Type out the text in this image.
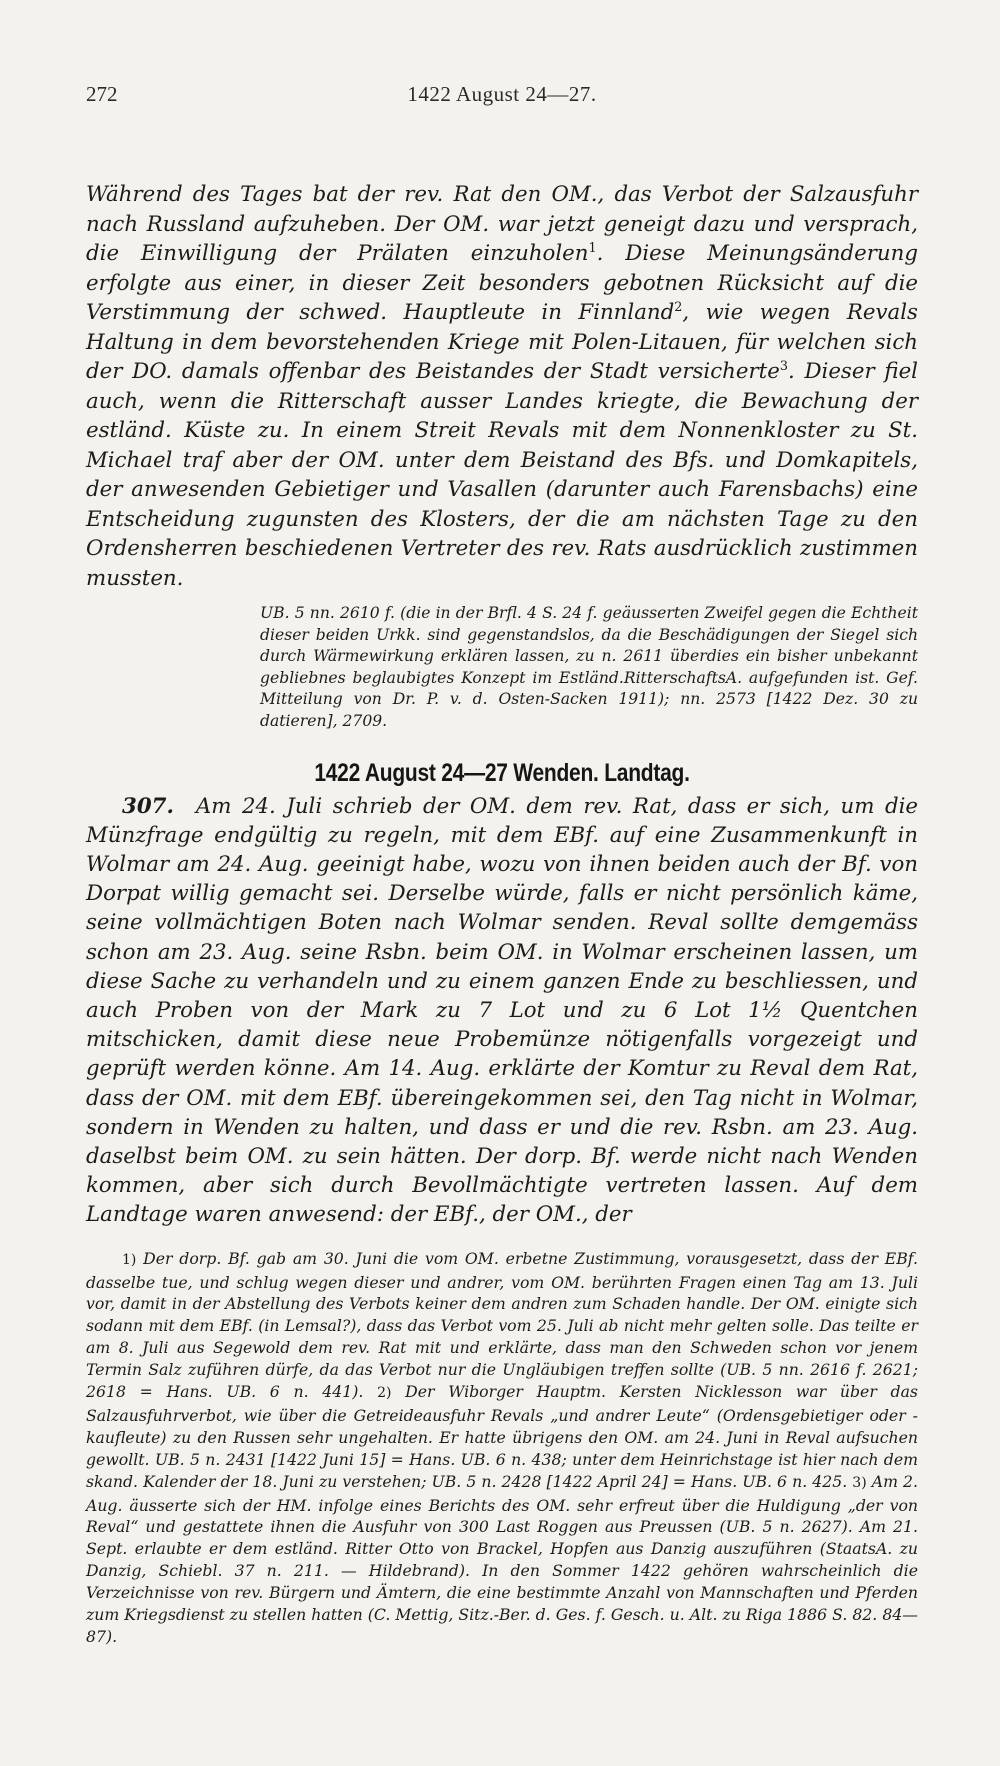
272	1422 August 24—27.

Während des Tages bat der rev. Rat den OM., das Verbot der Salzausfuhr nach Russland aufzuheben. Der OM. war jetzt geneigt dazu und versprach, die Einwilligung der Prälaten einzuholen$^1$. Diese Meinungsänderung erfolgte aus einer, in dieser Zeit besonders gebotnen Rücksicht auf die Verstimmung der schwed. Hauptleute in Finnland$^2$, wie wegen Revals Haltung in dem bevorstehenden Kriege mit Polen-Litauen, für welchen sich der DO. damals offenbar des Beistandes der Stadt versicherte$^3$. Dieser fiel auch, wenn die Ritterschaft ausser Landes kriegte, die Bewachung der estländ. Küste zu. In einem Streit Revals mit dem Nonnenkloster zu St. Michael traf aber der OM. unter dem Beistand des Bfs. und Domkapitels, der anwesenden Gebietiger und Vasallen (darunter auch Farensbachs) eine Entscheidung zugunsten des Klosters, der die am nächsten Tage zu den Ordensherren beschiedenen Vertreter des rev. Rats ausdrücklich zustimmen mussten.

UB. 5 nn. 2610 f. (die in der Brfl. 4 S. 24 f. geäusserten Zweifel gegen die Echtheit dieser beiden Urkk. sind gegenstandslos, da die Beschädigungen der Siegel sich durch Wärmewirkung erklären lassen, zu n. 2611 überdies ein bisher unbekannt gebliebnes beglaubigtes Konzept im Estländ.RitterschaftsA. aufgefunden ist. Gef. Mitteilung von Dr. P. v. d. Osten-Sacken 1911); nn. 2573 [1422 Dez. 30 zu datieren], 2709.

1422 August 24—27 Wenden. Landtag.

307. Am 24. Juli schrieb der OM. dem rev. Rat, dass er sich, um die Münzfrage endgültig zu regeln, mit dem EBf. auf eine Zusammenkunft in Wolmar am 24. Aug. geeinigt habe, wozu von ihnen beiden auch der Bf. von Dorpat willig gemacht sei. Derselbe würde, falls er nicht persönlich käme, seine vollmächtigen Boten nach Wolmar senden. Reval sollte demgemäss schon am 23. Aug. seine Rsbn. beim OM. in Wolmar erscheinen lassen, um diese Sache zu verhandeln und zu einem ganzen Ende zu beschliessen, und auch Proben von der Mark zu 7 Lot und zu 6 Lot 1½ Quentchen mitschicken, damit diese neue Probemünze nötigenfalls vorgezeigt und geprüft werden könne. Am 14. Aug. erklärte der Komtur zu Reval dem Rat, dass der OM. mit dem EBf. übereingekommen sei, den Tag nicht in Wolmar, sondern in Wenden zu halten, und dass er und die rev. Rsbn. am 23. Aug. daselbst beim OM. zu sein hätten. Der dorp. Bf. werde nicht nach Wenden kommen, aber sich durch Bevollmächtigte vertreten lassen. Auf dem Landtage waren anwesend: der EBf., der OM., der

1) Der dorp. Bf. gab am 30. Juni die vom OM. erbetne Zustimmung, vorausgesetzt, dass der EBf. dasselbe tue, und schlug wegen dieser und andrer, vom OM. berührten Fragen einen Tag am 13. Juli vor, damit in der Abstellung des Verbots keiner dem andren zum Schaden handle. Der OM. einigte sich sodann mit dem EBf. (in Lemsal?), dass das Verbot vom 25. Juli ab nicht mehr gelten solle. Das teilte er am 8. Juli aus Segewold dem rev. Rat mit und erklärte, dass man den Schweden schon vor jenem Termin Salz zuführen dürfe, da das Verbot nur die Ungläubigen treffen sollte (UB. 5 nn. 2616 f. 2621; 2618 = Hans. UB. 6 n. 441). 2) Der Wiborger Hauptm. Kersten Nicklesson war über das Salzausfuhrverbot, wie über die Getreideausfuhr Revals „und andrer Leute“ (Ordensgebietiger oder -kaufleute) zu den Russen sehr ungehalten. Er hatte übrigens den OM. am 24. Juni in Reval aufsuchen gewollt. UB. 5 n. 2431 [1422 Juni 15] = Hans. UB. 6 n. 438; unter dem Heinrichstage ist hier nach dem skand. Kalender der 18. Juni zu verstehen; UB. 5 n. 2428 [1422 April 24] = Hans. UB. 6 n. 425. 3) Am 2. Aug. äusserte sich der HM. infolge eines Berichts des OM. sehr erfreut über die Huldigung „der von Reval“ und gestattete ihnen die Ausfuhr von 300 Last Roggen aus Preussen (UB. 5 n. 2627). Am 21. Sept. erlaubte er dem estländ. Ritter Otto von Brackel, Hopfen aus Danzig auszuführen (StaatsA. zu Danzig, Schiebl. 37 n. 211. — Hildebrand). In den Sommer 1422 gehören wahrscheinlich die Verzeichnisse von rev. Bürgern und Ämtern, die eine bestimmte Anzahl von Mannschaften und Pferden zum Kriegsdienst zu stellen hatten (C. Mettig, Sitz.-Ber. d. Ges. f. Gesch. u. Alt. zu Riga 1886 S. 82. 84—87).
